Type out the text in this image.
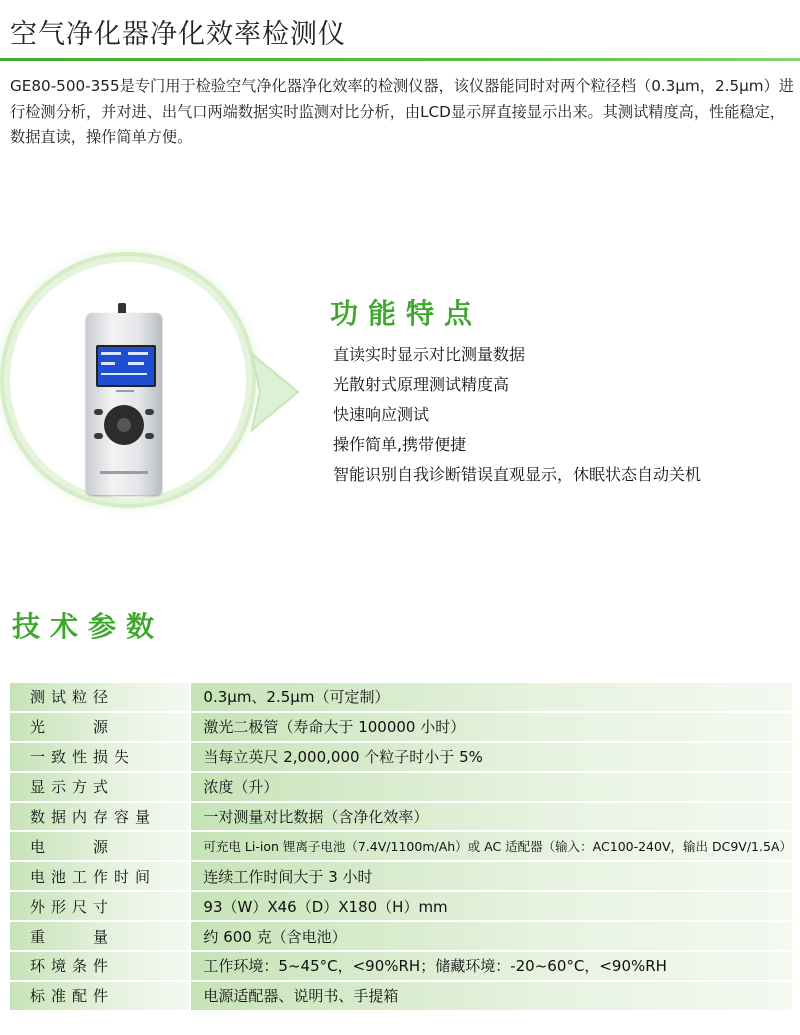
空气净化器净化效率检测仪
GE80-500-355是专门用于检验空气净化器净化效率的检测仪器，该仪器能同时对两个粒径档（0.3μm，2.5μm）进行检测分析，并对进、出气口两端数据实时监测对比分析，由LCD显示屏直接显示出来。其测试精度高，性能稳定，数据直读，操作简单方便。
功能特点
直读实时显示对比测量数据
光散射式原理测试精度高
快速响应测试
操作简单,携带便捷
智能识别自我诊断错误直观显示，休眠状态自动关机
技术参数
测试粒径	0.3μm、2.5μm（可定制）
光　　源	激光二极管（寿命大于 100000 小时）
一致性损失	当每立英尺 2,000,000 个粒子时小于 5%
显示方式	浓度（升）
数据内存容量	一对测量对比数据（含净化效率）
电　　源	可充电 Li-ion 锂离子电池（7.4V/1100m/Ah）或 AC 适配器（输入：AC100-240V，输出 DC9V/1.5A）
电池工作时间	连续工作时间大于 3 小时
外形尺寸	93（W）X46（D）X180（H）mm
重　　量	约 600 克（含电池）
环境条件	工作环境：5~45°C，<90%RH；储藏环境：-20~60°C，<90%RH
标准配件	电源适配器、说明书、手提箱
